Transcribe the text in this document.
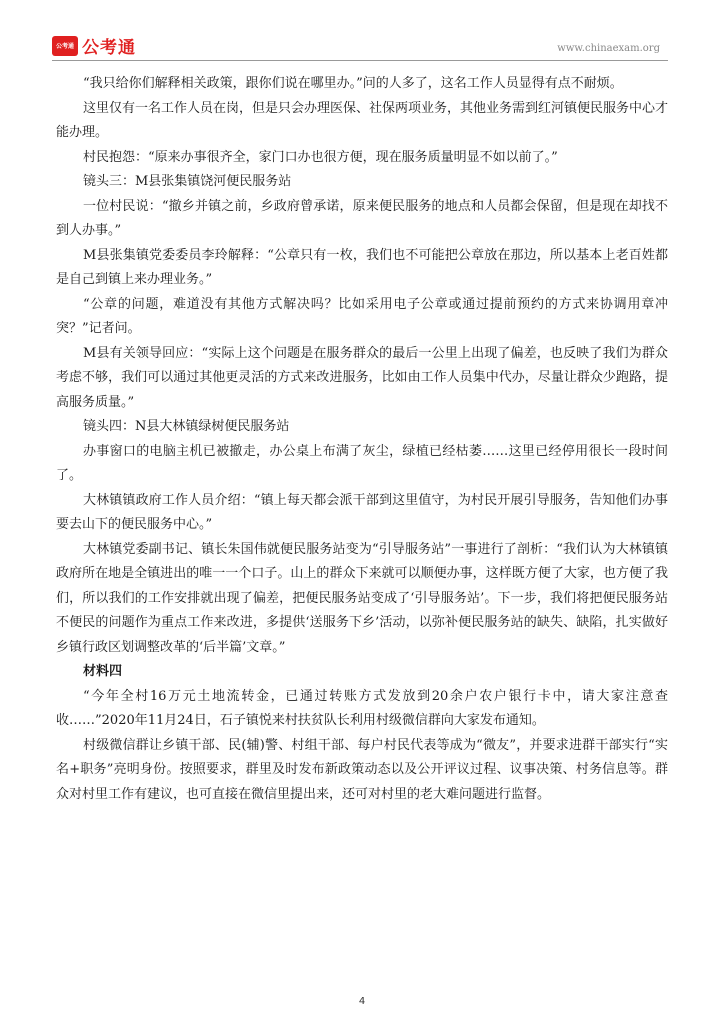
公考通 公考通	www.chinaexam.org

“我只给你们解释相关政策，跟你们说在哪里办。”问的人多了，这名工作人员显得有点不耐烦。

这里仅有一名工作人员在岗，但是只会办理医保、社保两项业务，其他业务需到红河镇便民服务中心才能办理。

村民抱怨：“原来办事很齐全，家门口办也很方便，现在服务质量明显不如以前了。”

镜头三：M县张集镇饶河便民服务站

一位村民说：“撤乡并镇之前，乡政府曾承诺，原来便民服务的地点和人员都会保留，但是现在却找不到人办事。”

M县张集镇党委委员李玲解释：“公章只有一枚，我们也不可能把公章放在那边，所以基本上老百姓都是自己到镇上来办理业务。”

“公章的问题，难道没有其他方式解决吗？比如采用电子公章或通过提前预约的方式来协调用章冲突？”记者问。

M县有关领导回应：“实际上这个问题是在服务群众的最后一公里上出现了偏差，也反映了我们为群众考虑不够，我们可以通过其他更灵活的方式来改进服务，比如由工作人员集中代办，尽量让群众少跑路，提高服务质量。”

镜头四：N县大林镇绿树便民服务站

办事窗口的电脑主机已被撤走，办公桌上布满了灰尘，绿植已经枯萎……这里已经停用很长一段时间了。

大林镇镇政府工作人员介绍：“镇上每天都会派干部到这里值守，为村民开展引导服务，告知他们办事要去山下的便民服务中心。”

大林镇党委副书记、镇长朱国伟就便民服务站变为“引导服务站”一事进行了剖析：“我们认为大林镇镇政府所在地是全镇进出的唯一一个口子。山上的群众下来就可以顺便办事，这样既方便了大家，也方便了我们，所以我们的工作安排就出现了偏差，把便民服务站变成了‘引导服务站’。下一步，我们将把便民服务站不便民的问题作为重点工作来改进，多提供‘送服务下乡’活动，以弥补便民服务站的缺失、缺陷，扎实做好乡镇行政区划调整改革的‘后半篇’文章。”

材料四

“今年全村16万元土地流转金，已通过转账方式发放到20余户农户银行卡中，请大家注意查收……”2020年11月24日，石子镇悦来村扶贫队长利用村级微信群向大家发布通知。

村级微信群让乡镇干部、民(辅)警、村组干部、每户村民代表等成为“微友”，并要求进群干部实行“实名+职务”亮明身份。按照要求，群里及时发布新政策动态以及公开评议过程、议事决策、村务信息等。群众对村里工作有建议，也可直接在微信里提出来，还可对村里的老大难问题进行监督。

4
